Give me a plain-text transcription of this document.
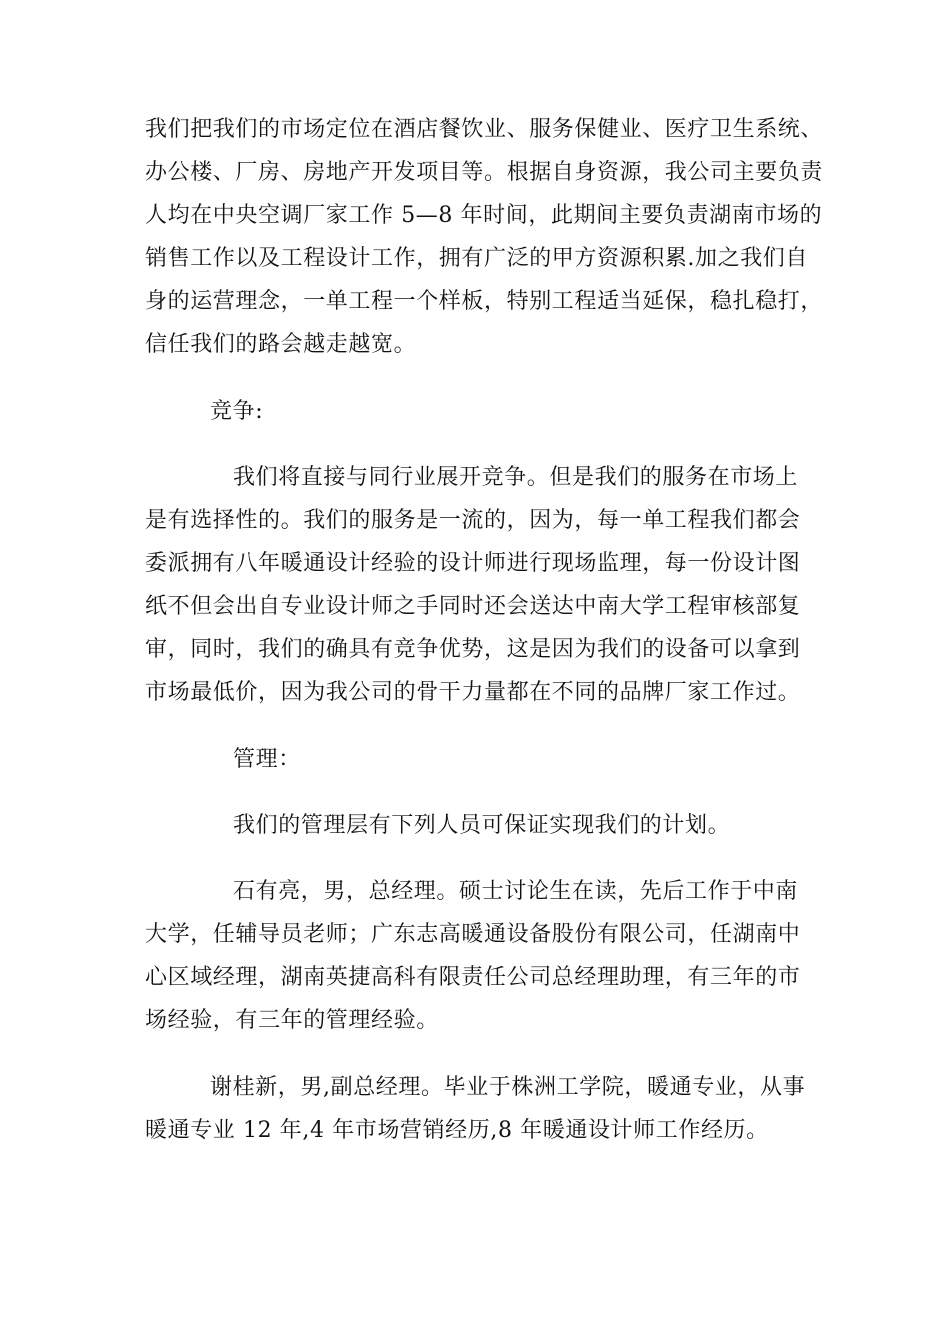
我们把我们的市场定位在酒店餐饮业、服务保健业、医疗卫生系统、

办公楼、厂房、房地产开发项目等。根据自身资源，我公司主要负责

人均在中央空调厂家工作 5—8 年时间，此期间主要负责湖南市场的

销售工作以及工程设计工作，拥有广泛的甲方资源积累.加之我们自

身的运营理念，一单工程一个样板，特别工程适当延保，稳扎稳打，

信任我们的路会越走越宽。

竞争:

我们将直接与同行业展开竞争。但是我们的服务在市场上

是有选择性的。我们的服务是一流的，因为，每一单工程我们都会

委派拥有八年暖通设计经验的设计师进行现场监理，每一份设计图

纸不但会出自专业设计师之手同时还会送达中南大学工程审核部复

审，同时，我们的确具有竞争优势，这是因为我们的设备可以拿到

市场最低价，因为我公司的骨干力量都在不同的品牌厂家工作过。

管理：

我们的管理层有下列人员可保证实现我们的计划。

石有亮，男，总经理。硕士讨论生在读，先后工作于中南

大学，任辅导员老师；广东志高暖通设备股份有限公司，任湖南中

心区域经理，湖南英捷高科有限责任公司总经理助理，有三年的市

场经验，有三年的管理经验。

谢桂新，男,副总经理。毕业于株洲工学院，暖通专业，从事

暖通专业 12 年,4 年市场营销经历,8 年暖通设计师工作经历。
